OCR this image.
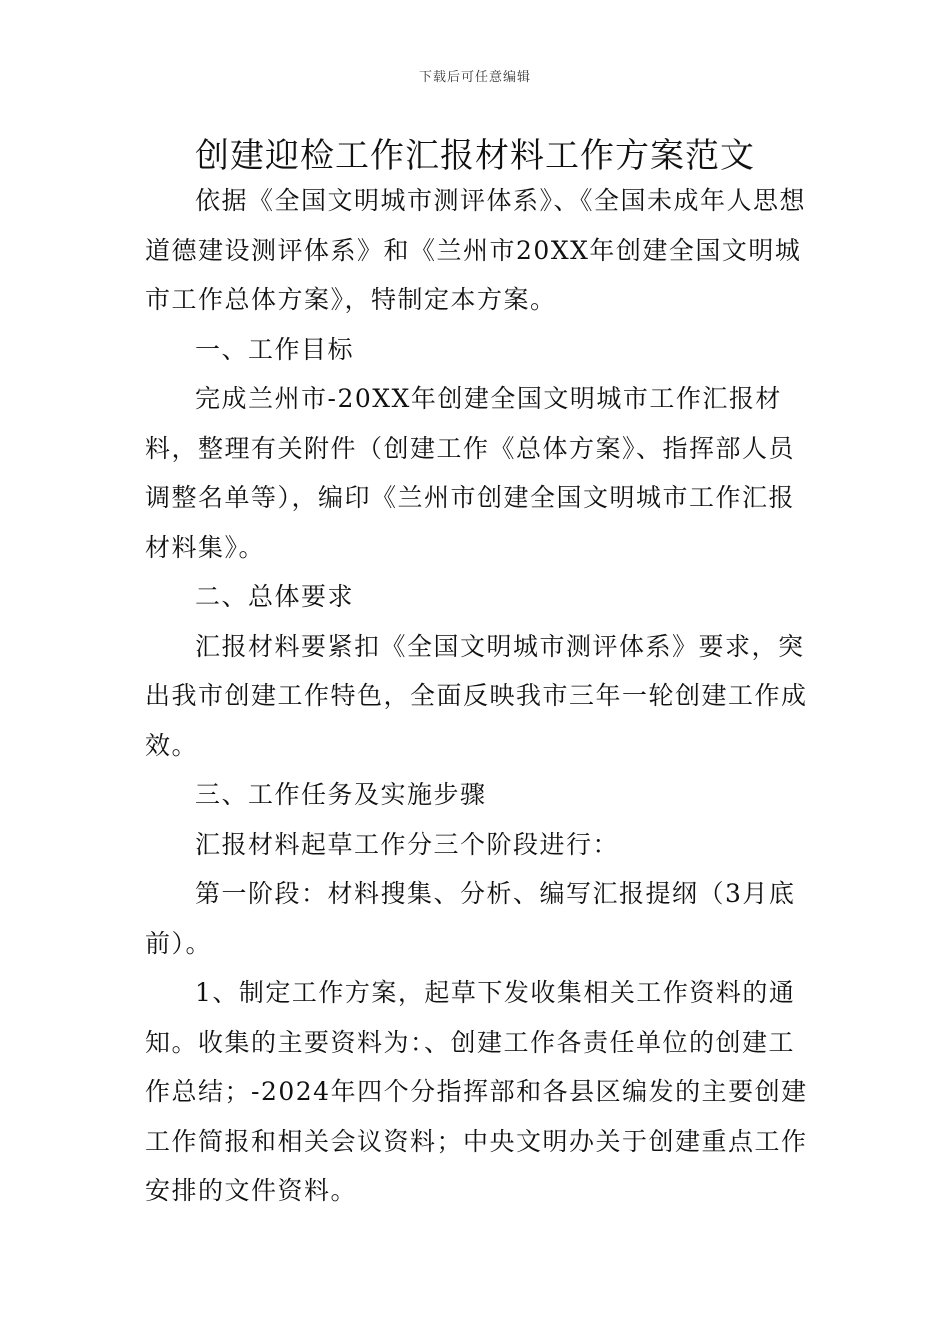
下载后可任意编辑
创建迎检工作汇报材料工作方案范文

依据《全国文明城市测评体系》、《全国未成年人思想道德建设测评体系》和《兰州市20XX年创建全国文明城市工作总体方案》，特制定本方案。

一、工作目标

完成兰州市-20XX年创建全国文明城市工作汇报材料，整理有关附件（创建工作《总体方案》、指挥部人员调整名单等），编印《兰州市创建全国文明城市工作汇报材料集》。

二、总体要求

汇报材料要紧扣《全国文明城市测评体系》要求，突出我市创建工作特色，全面反映我市三年一轮创建工作成效。

三、工作任务及实施步骤

汇报材料起草工作分三个阶段进行：

第一阶段：材料搜集、分析、编写汇报提纲（3月底前）。

1、制定工作方案，起草下发收集相关工作资料的通知。收集的主要资料为：、创建工作各责任单位的创建工作总结；-2024年四个分指挥部和各县区编发的主要创建工作简报和相关会议资料；中央文明办关于创建重点工作安排的文件资料。
